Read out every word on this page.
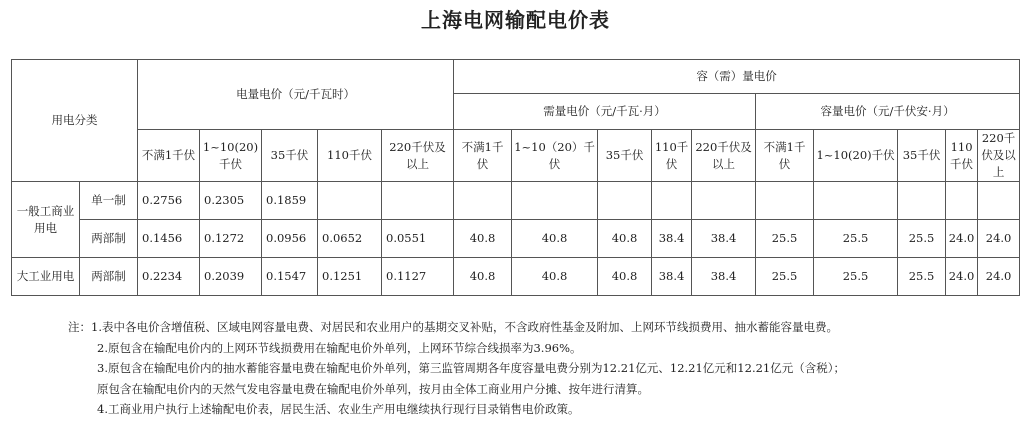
上海电网输配电价表
用电分类		电量电价（元/千瓦时）					容（需）量电价									
							需量电价（元/千瓦·月）					容量电价（元/千伏安·月）				
		不满1千伏	1~10(20)千伏	35千伏	110千伏	220千伏及以上	不满1千伏	1~10（20）千伏	35千伏	110千伏	220千伏及以上	不满1千伏	1~10(20)千伏	35千伏	110千伏	220千伏及以上
一般工商业用电	单一制	0.2756	0.2305	0.1859												
	两部制	0.1456	0.1272	0.0956	0.0652	0.0551	40.8	40.8	40.8	38.4	38.4	25.5	25.5	25.5	24.0	24.0
大工业用电	两部制	0.2234	0.2039	0.1547	0.1251	0.1127	40.8	40.8	40.8	38.4	38.4	25.5	25.5	25.5	24.0	24.0
注：1.表中各电价含增值税、区域电网容量电费、对居民和农业用户的基期交叉补贴，不含政府性基金及附加、上网环节线损费用、抽水蓄能容量电费。
2.原包含在输配电价内的上网环节线损费用在输配电价外单列，上网环节综合线损率为3.96%。
3.原包含在输配电价内的抽水蓄能容量电费在输配电价外单列，第三监管周期各年度容量电费分别为12.21亿元、12.21亿元和12.21亿元（含税）；
原包含在输配电价内的天然气发电容量电费在输配电价外单列，按月由全体工商业用户分摊、按年进行清算。
4.工商业用户执行上述输配电价表，居民生活、农业生产用电继续执行现行目录销售电价政策。
